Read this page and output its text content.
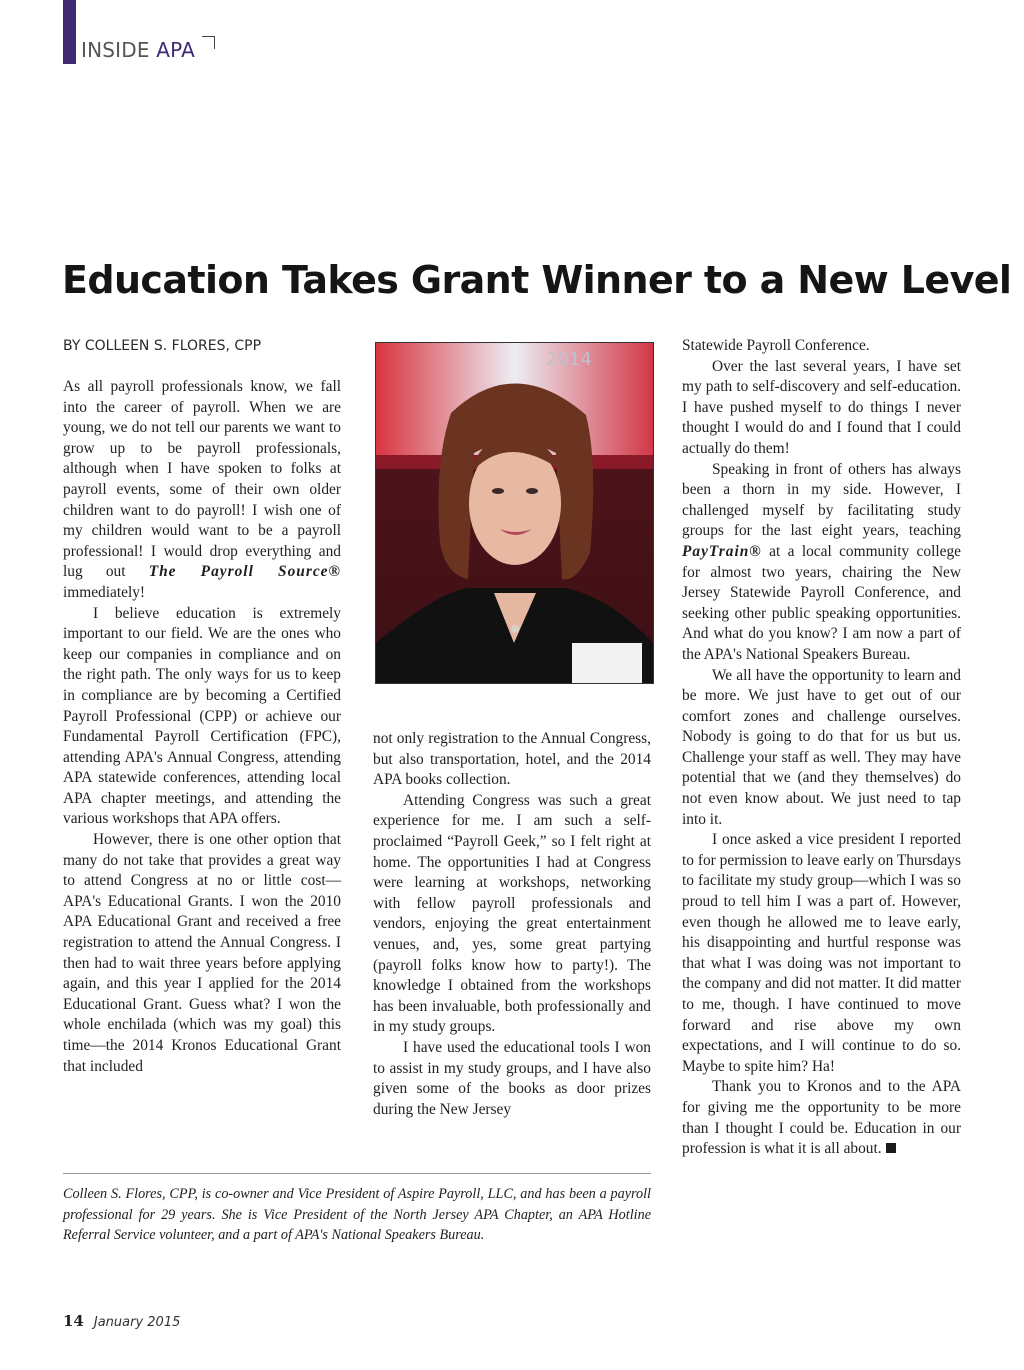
INSIDE APA
Education Takes Grant Winner to a New Level
BY COLLEEN S. FLORES, CPP

As all payroll professionals know, we fall into the career of payroll. When we are young, we do not tell our parents we want to grow up to be payroll professionals, although when I have spoken to folks at payroll events, some of their own older children want to do payroll! I wish one of my children would want to be a payroll professional! I would drop everything and lug out The Payroll Source® immediately!

I believe education is extremely important to our field. We are the ones who keep our companies in compliance and on the right path. The only ways for us to keep in compliance are by becoming a Certified Payroll Professional (CPP) or achieve our Fundamental Payroll Certification (FPC), attending APA's Annual Congress, attending APA statewide conferences, attending local APA chapter meetings, and attending the various workshops that APA offers.

However, there is one other option that many do not take that provides a great way to attend Congress at no or little cost—APA's Educational Grants. I won the 2010 APA Educational Grant and received a free registration to attend the Annual Congress. I then had to wait three years before applying again, and this year I applied for the 2014 Educational Grant. Guess what? I won the whole enchilada (which was my goal) this time—the 2014 Kronos Educational Grant that included

2014

not only registration to the Annual Congress, but also transportation, hotel, and the 2014 APA books collection.

Attending Congress was such a great experience for me. I am such a self-proclaimed “Payroll Geek,” so I felt right at home. The opportunities I had at Congress were learning at workshops, networking with fellow payroll professionals and vendors, enjoying the great entertainment venues, and, yes, some great partying (payroll folks know how to party!). The knowledge I obtained from the workshops has been invaluable, both professionally and in my study groups.

I have used the educational tools I won to assist in my study groups, and I have also given some of the books as door prizes during the New Jersey

Statewide Payroll Conference.

Over the last several years, I have set my path to self-discovery and self-education. I have pushed myself to do things I never thought I would do and I found that I could actually do them!

Speaking in front of others has always been a thorn in my side. However, I challenged myself by facilitating study groups for the last eight years, teaching PayTrain® at a local community college for almost two years, chairing the New Jersey Statewide Payroll Conference, and seeking other public speaking opportunities. And what do you know? I am now a part of the APA's National Speakers Bureau.

We all have the opportunity to learn and be more. We just have to get out of our comfort zones and challenge ourselves. Nobody is going to do that for us but us. Challenge your staff as well. They may have potential that we (and they themselves) do not even know about. We just need to tap into it.

I once asked a vice president I reported to for permission to leave early on Thursdays to facilitate my study group—which I was so proud to tell him I was a part of. However, even though he allowed me to leave early, his disappointing and hurtful response was that what I was doing was not important to the company and did not matter. It did matter to me, though. I have continued to move forward and rise above my own expectations, and I will continue to do so. Maybe to spite him? Ha!

Thank you to Kronos and to the APA for giving me the opportunity to be more than I thought I could be. Education in our profession is what it is all about.

Colleen S. Flores, CPP, is co-owner and Vice President of Aspire Payroll, LLC, and has been a payroll professional for 29 years. She is Vice President of the North Jersey APA Chapter, an APA Hotline Referral Service volunteer, and a part of APA's National Speakers Bureau.

14 January 2015
